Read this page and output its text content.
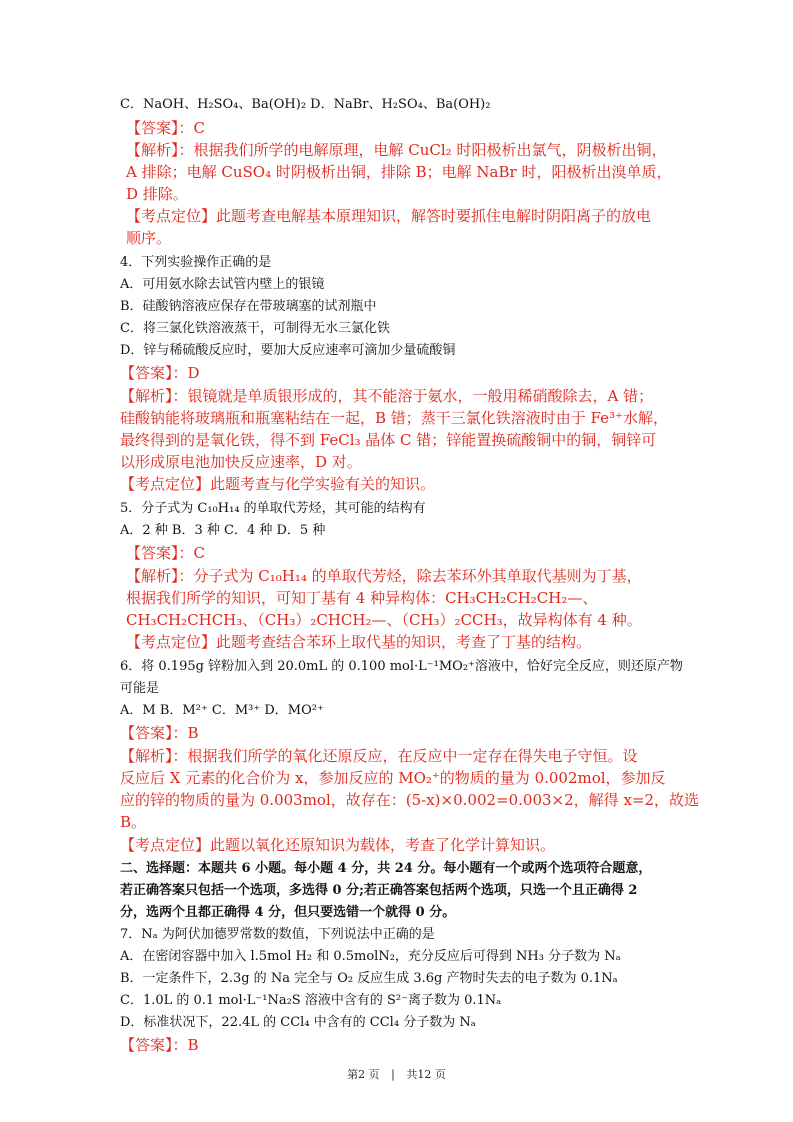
C．NaOH、H₂SO₄、Ba(OH)₂ D．NaBr、H₂SO₄、Ba(OH)₂
【答案】：C
【解析】：根据我们所学的电解原理，电解 CuCl₂ 时阳极析出氯气，阴极析出铜，
A 排除；电解 CuSO₄ 时阴极析出铜，排除 B；电解 NaBr 时，阳极析出溴单质，
D 排除。
【考点定位】此题考查电解基本原理知识，解答时要抓住电解时阴阳离子的放电
顺序。
4．下列实验操作正确的是
A．可用氨水除去试管内壁上的银镜
B．硅酸钠溶液应保存在带玻璃塞的试剂瓶中
C．将三氯化铁溶液蒸干，可制得无水三氯化铁
D．锌与稀硫酸反应时，要加大反应速率可滴加少量硫酸铜
【答案】：D
【解析】：银镜就是单质银形成的，其不能溶于氨水，一般用稀硝酸除去，A 错；
硅酸钠能将玻璃瓶和瓶塞粘结在一起，B 错；蒸干三氯化铁溶液时由于 Fe³⁺水解，
最终得到的是氧化铁，得不到 FeCl₃ 晶体 C 错；锌能置换硫酸铜中的铜，铜锌可
以形成原电池加快反应速率，D 对。
【考点定位】此题考查与化学实验有关的知识。
5．分子式为 C₁₀H₁₄ 的单取代芳烃，其可能的结构有
A．2 种 B．3 种 C．4 种 D．5 种
【答案】：C
【解析】：分子式为 C₁₀H₁₄ 的单取代芳烃，除去苯环外其单取代基则为丁基，
根据我们所学的知识，可知丁基有 4 种异构体：CH₃CH₂CH₂CH₂—、
CH₃CH₂CHCH₃、（CH₃）₂CHCH₂—、（CH₃）₂CCH₃，故异构体有 4 种。
【考点定位】此题考查结合苯环上取代基的知识，考查了丁基的结构。
6．将 0.195g 锌粉加入到 20.0mL 的 0.100 mol·L⁻¹MO₂⁺溶液中，恰好完全反应，则还原产物
可能是
A．M B．M²⁺ C．M³⁺ D．MO²⁺
【答案】：B
【解析】：根据我们所学的氧化还原反应，在反应中一定存在得失电子守恒。设
反应后 X 元素的化合价为 x，参加反应的 MO₂⁺的物质的量为 0.002mol，参加反
应的锌的物质的量为 0.003mol，故存在：(5-x)×0.002=0.003×2，解得 x=2，故选
B。
【考点定位】此题以氧化还原知识为载体，考查了化学计算知识。
二、选择题：本题共 6 小题。每小题 4 分，共 24 分。每小题有一个或两个选项符合题意，
若正确答案只包括一个选项，多选得 0 分;若正确答案包括两个选项，只选一个且正确得 2
分，选两个且都正确得 4 分，但只要选错一个就得 0 分。
7．Nₐ 为阿伏加德罗常数的数值，下列说法中正确的是
A．在密闭容器中加入 l.5mol H₂ 和 0.5molN₂，充分反应后可得到 NH₃ 分子数为 Nₐ
B．一定条件下，2.3g 的 Na 完全与 O₂ 反应生成 3.6g 产物时失去的电子数为 0.1Nₐ
C．1.0L 的 0.1 mol·L⁻¹Na₂S 溶液中含有的 S²⁻离子数为 0.1Nₐ
D．标准状况下，22.4L 的 CCl₄ 中含有的 CCl₄ 分子数为 Nₐ
【答案】：B
第2 页 | 共12 页
